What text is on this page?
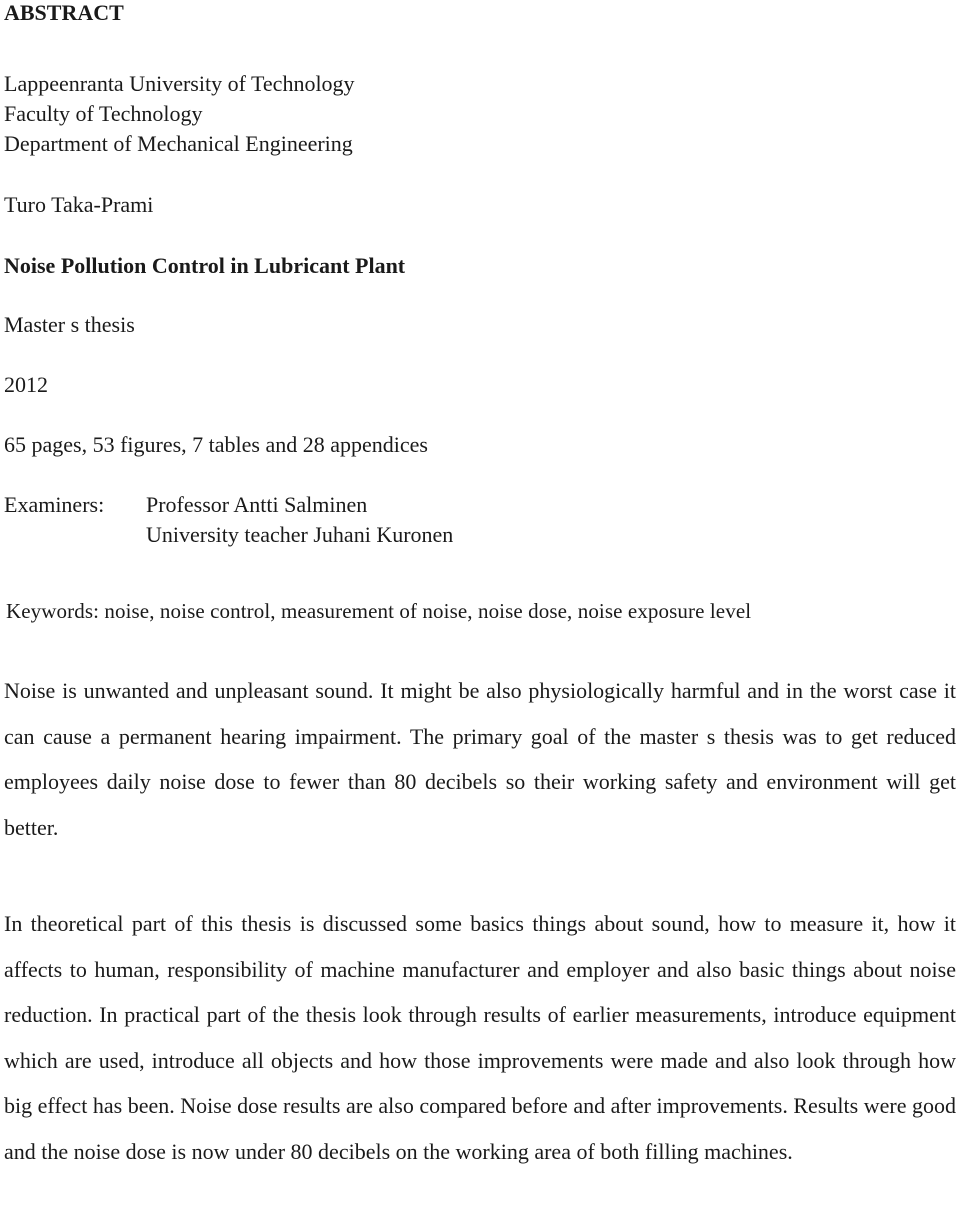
ABSTRACT
Lappeenranta University of Technology
Faculty of Technology
Department of Mechanical Engineering
Turo Taka-Prami
Noise Pollution Control in Lubricant Plant
Master s thesis
2012
65 pages, 53 figures, 7 tables and 28 appendices
Examiners: Professor Antti Salminen
University teacher Juhani Kuronen
Keywords: noise, noise control, measurement of noise, noise dose, noise exposure level

Noise is unwanted and unpleasant sound. It might be also physiologically harmful and in the worst case it can cause a permanent hearing impairment. The primary goal of the master s thesis was to get reduced employees daily noise dose to fewer than 80 decibels so their working safety and environment will get better.

In theoretical part of this thesis is discussed some basics things about sound, how to measure it, how it affects to human, responsibility of machine manufacturer and employer and also basic things about noise reduction. In practical part of the thesis look through results of earlier measurements, introduce equipment which are used, introduce all objects and how those improvements were made and also look through how big effect has been. Noise dose results are also compared before and after improvements. Results were good and the noise dose is now under 80 decibels on the working area of both filling machines.
